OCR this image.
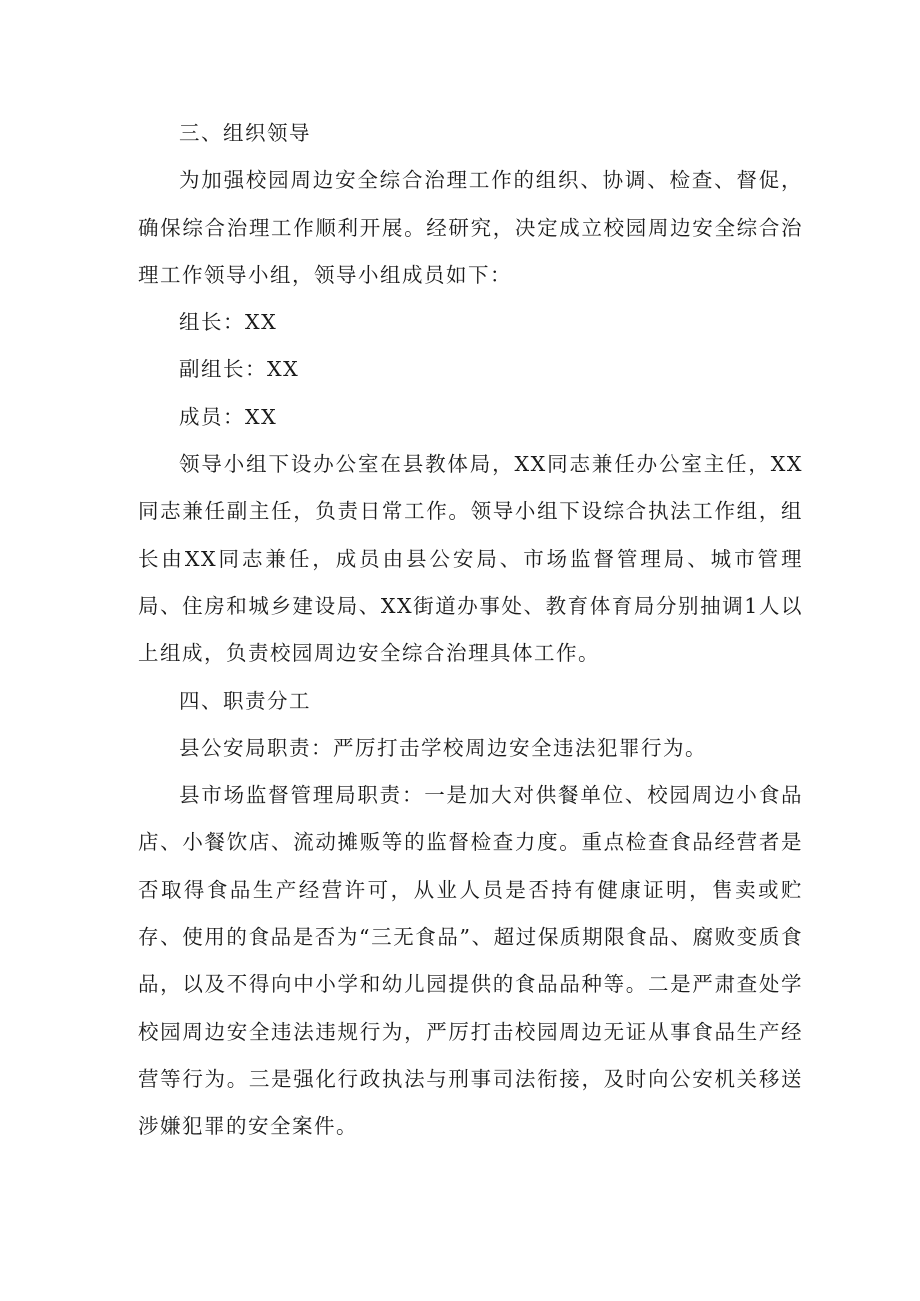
三、组织领导

为加强校园周边安全综合治理工作的组织、协调、检查、督促，确保综合治理工作顺利开展。经研究，决定成立校园周边安全综合治理工作领导小组，领导小组成员如下：

组长：XX

副组长：XX

成员：XX

领导小组下设办公室在县教体局，XX同志兼任办公室主任，XX同志兼任副主任，负责日常工作。领导小组下设综合执法工作组，组长由XX同志兼任，成员由县公安局、市场监督管理局、城市管理局、住房和城乡建设局、XX街道办事处、教育体育局分别抽调1人以上组成，负责校园周边安全综合治理具体工作。

四、职责分工

县公安局职责：严厉打击学校周边安全违法犯罪行为。

县市场监督管理局职责：一是加大对供餐单位、校园周边小食品店、小餐饮店、流动摊贩等的监督检查力度。重点检查食品经营者是否取得食品生产经营许可，从业人员是否持有健康证明，售卖或贮存、使用的食品是否为“三无食品”、超过保质期限食品、腐败变质食品，以及不得向中小学和幼儿园提供的食品品种等。二是严肃查处学校园周边安全违法违规行为，严厉打击校园周边无证从事食品生产经营等行为。三是强化行政执法与刑事司法衔接，及时向公安机关移送涉嫌犯罪的安全案件。
